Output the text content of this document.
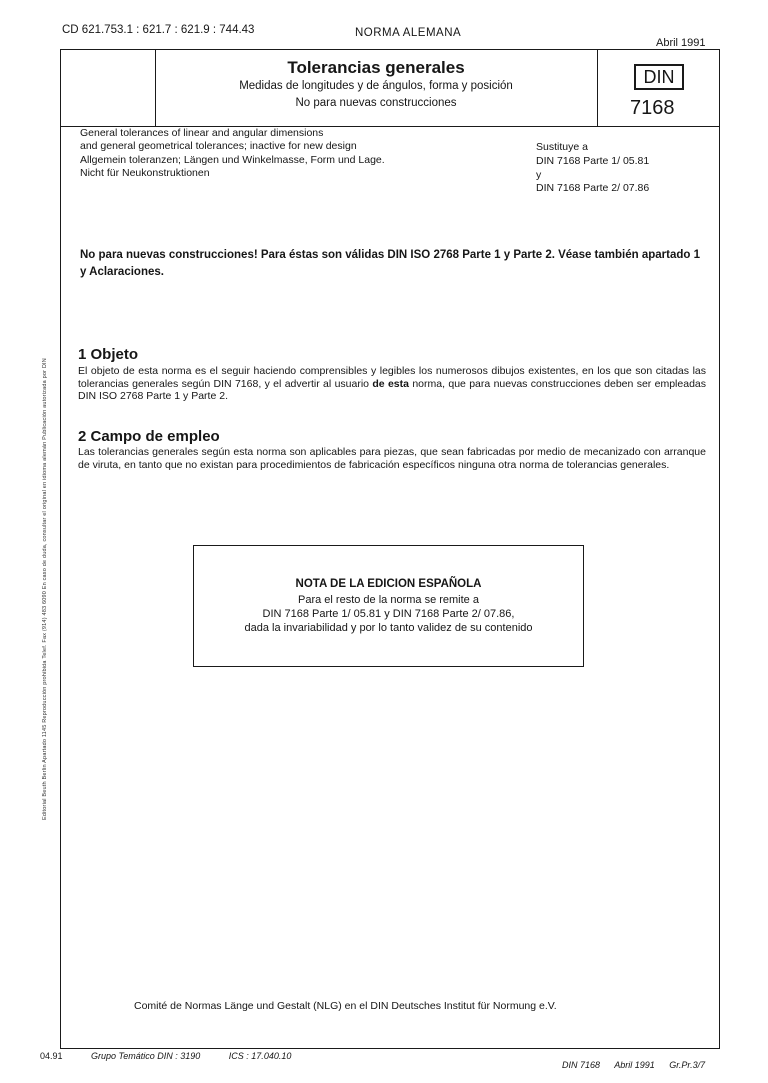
Editorial Beuth Berlin Apartado 1145 Reproducción prohibida Telef. Fax (914) 483 6090 En caso de duda, consultar el original en idioma alemán Publicación autorizada por DIN
CD 621.753.1 : 621.7 : 621.9 : 744.43	NORMA ALEMANA
Abril 1991
Tolerancias generales
Medidas de longitudes y de ángulos, forma y posición
No para nuevas construcciones
DIN
7168
General tolerances of linear and angular dimensions
and general geometrical tolerances; inactive for new design
Allgemein toleranzen; Längen und Winkelmasse, Form und Lage.
Nicht für Neukonstruktionen
Sustituye a
DIN 7168 Parte 1/ 05.81
y
DIN 7168 Parte 2/ 07.86
No para nuevas construcciones! Para éstas son válidas DIN ISO 2768 Parte 1 y Parte 2. Véase también apartado 1 y Aclaraciones.
1 Objeto
El objeto de esta norma es el seguir haciendo comprensibles y legibles los numerosos dibujos existentes, en los que son citadas las tolerancias generales según DIN 7168, y el advertir al usuario de esta norma, que para nuevas construcciones deben ser empleadas DIN ISO 2768 Parte 1 y Parte 2.
2 Campo de empleo
Las tolerancias generales según esta norma son aplicables para piezas, que sean fabricadas por medio de mecanizado con arranque de viruta, en tanto que no existan para procedimientos de fabricación específicos ninguna otra norma de tolerancias generales.
NOTA DE LA EDICION ESPAÑOLA
Para el resto de la norma se remite a
DIN 7168 Parte 1/ 05.81 y DIN 7168 Parte 2/ 07.86,
dada la invariabilidad y por lo tanto validez de su contenido
Comité de Normas Länge und Gestalt (NLG) en el DIN Deutsches Institut für Normung e.V.
04.91	Grupo Temático DIN : 3190	ICS : 17.040.10
DIN 7168 Abril 1991 Gr.Pr.3/7
